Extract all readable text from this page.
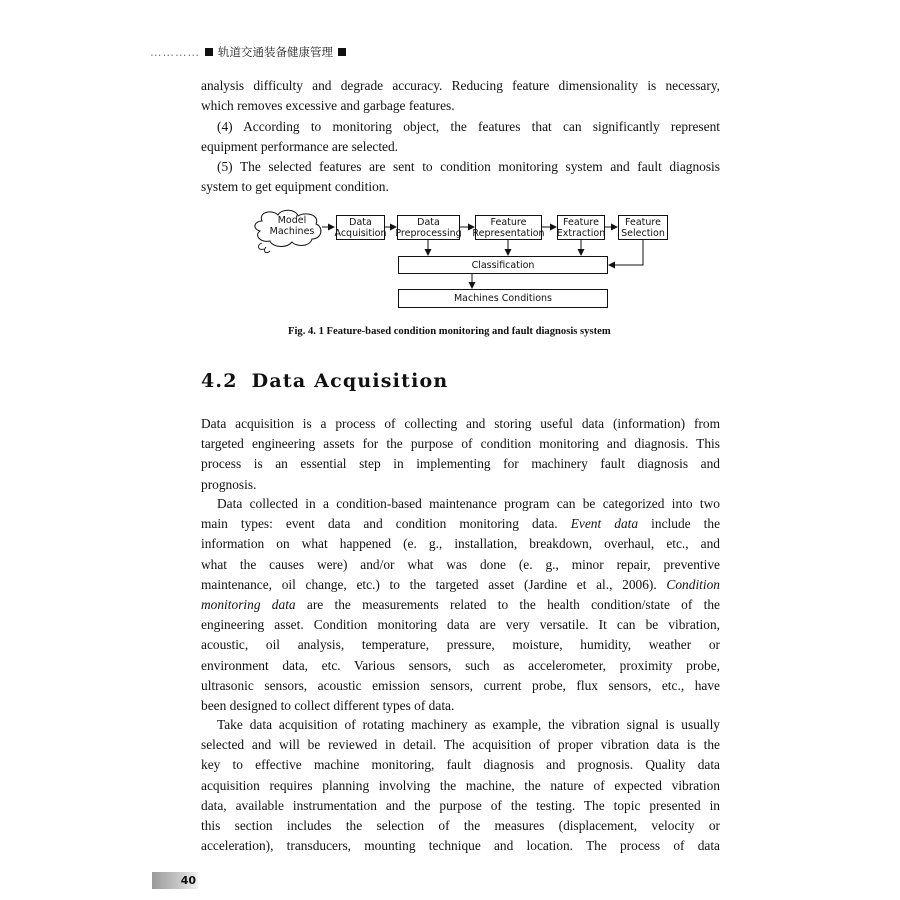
………… 轨道交通装备健康管理
analysis difficulty and degrade accuracy. Reducing feature dimensionality is necessary,
which removes excessive and garbage features.
(4) According to monitoring object, the features that can significantly represent
equipment performance are selected.
(5) The selected features are sent to condition monitoring system and fault diagnosis
system to get equipment condition.
Model
Machines
Data
Acquisition
Data
Preprocessing
Feature
Representation
Feature
Extraction
Feature
Selection
Classification
Machines Conditions
Fig. 4. 1 Feature-based condition monitoring and fault diagnosis system
4.2 Data Acquisition
Data acquisition is a process of collecting and storing useful data (information) from
targeted engineering assets for the purpose of condition monitoring and diagnosis. This
process is an essential step in implementing for machinery fault diagnosis and
prognosis.
Data collected in a condition-based maintenance program can be categorized into two
main types: event data and condition monitoring data. Event data include the
information on what happened (e. g., installation, breakdown, overhaul, etc., and
what the causes were) and/or what was done (e. g., minor repair, preventive
maintenance, oil change, etc.) to the targeted asset (Jardine et al., 2006). Condition
monitoring data are the measurements related to the health condition/state of the
engineering asset. Condition monitoring data are very versatile. It can be vibration,
acoustic, oil analysis, temperature, pressure, moisture, humidity, weather or
environment data, etc. Various sensors, such as accelerometer, proximity probe,
ultrasonic sensors, acoustic emission sensors, current probe, flux sensors, etc., have
been designed to collect different types of data.
Take data acquisition of rotating machinery as example, the vibration signal is usually
selected and will be reviewed in detail. The acquisition of proper vibration data is the
key to effective machine monitoring, fault diagnosis and prognosis. Quality data
acquisition requires planning involving the machine, the nature of expected vibration
data, available instrumentation and the purpose of the testing. The topic presented in
this section includes the selection of the measures (displacement, velocity or
acceleration), transducers, mounting technique and location. The process of data
40
